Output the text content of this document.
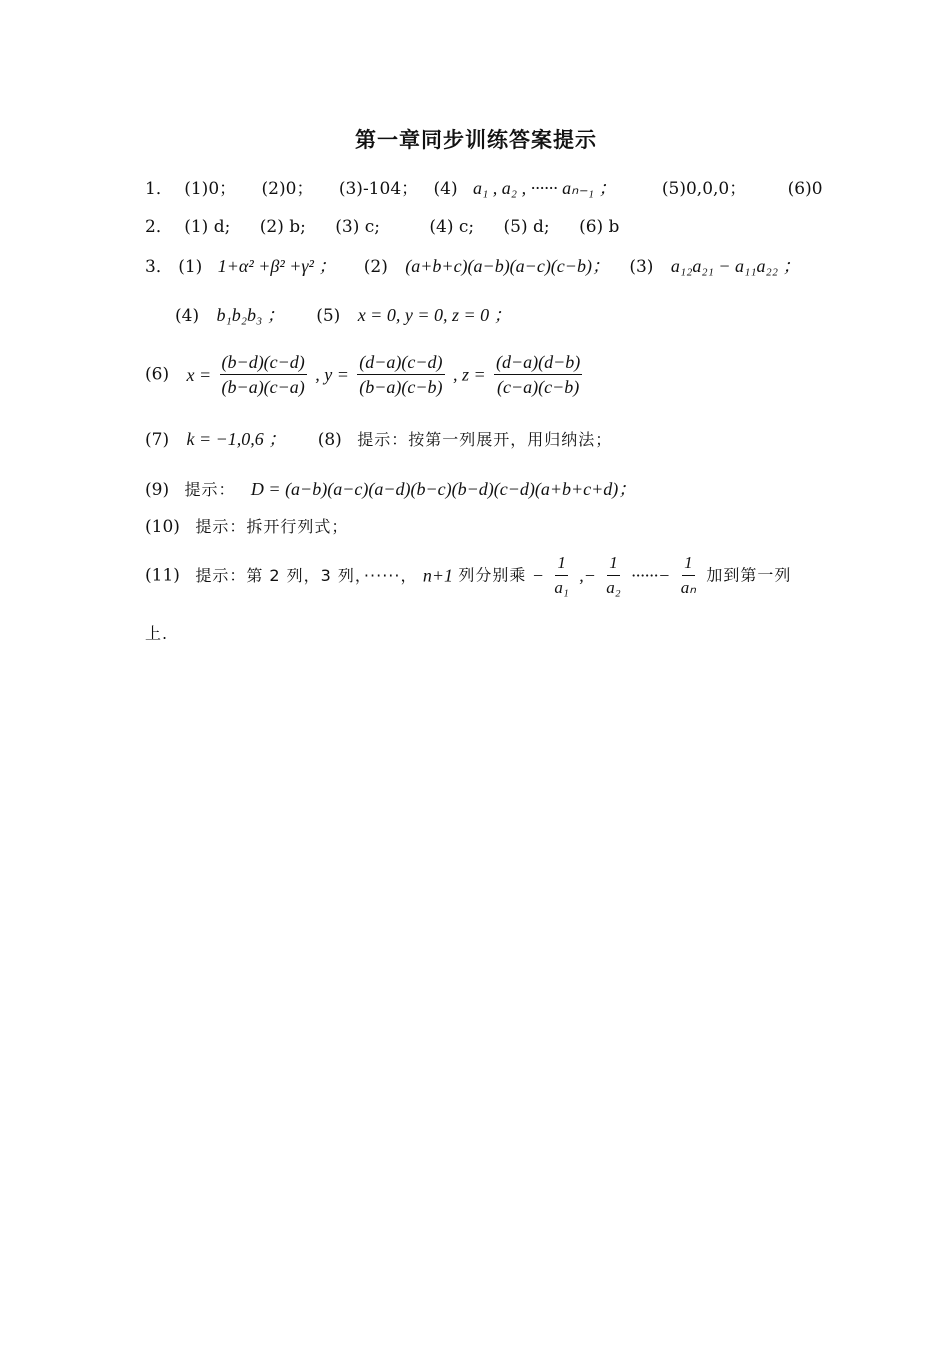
第一章同步训练答案提示
1． (1)0； (2)0； (3)-104； (4) a₁ , a₂ , ······ aₙ₋₁ ；	(5)0,0,0； (6)0
2． (1) d; (2) b; (3) c;	(4) c; (5) d; (6) b
3． (1) 1+α² +β² +γ² ； (2) (a+b+c)(a−b)(a−c)(c−b)； (3) a₁₂a₂₁ − a₁₁a₂₂ ；
(4) b₁b₂b₃ ； (5) x = 0, y = 0, z = 0 ；
(6) $x = \frac{(b-d)(c-d)}{(b-a)(c-a)}$ , $y = \frac{(d-a)(c-d)}{(b-a)(c-b)}$ , $z = \frac{(d-a)(d-b)}{(c-a)(c-b)}$
(7) k = −1,0,6 ； (8) 提示：按第一列展开，用归纳法；
(9) 提示： D = (a−b)(a−c)(a−d)(b−c)(b−d)(c−d)(a+b+c+d)；
(10) 提示：拆开行列式；
(11) 提示：第 2 列，3 列，······， n+1 列分别乘 − $\frac{1}{\text{a₁}}$ ,− $\frac{1}{\text{a₂}}$ ······− $\frac{1}{\text{aₙ}}$ 加到第一列
上.
